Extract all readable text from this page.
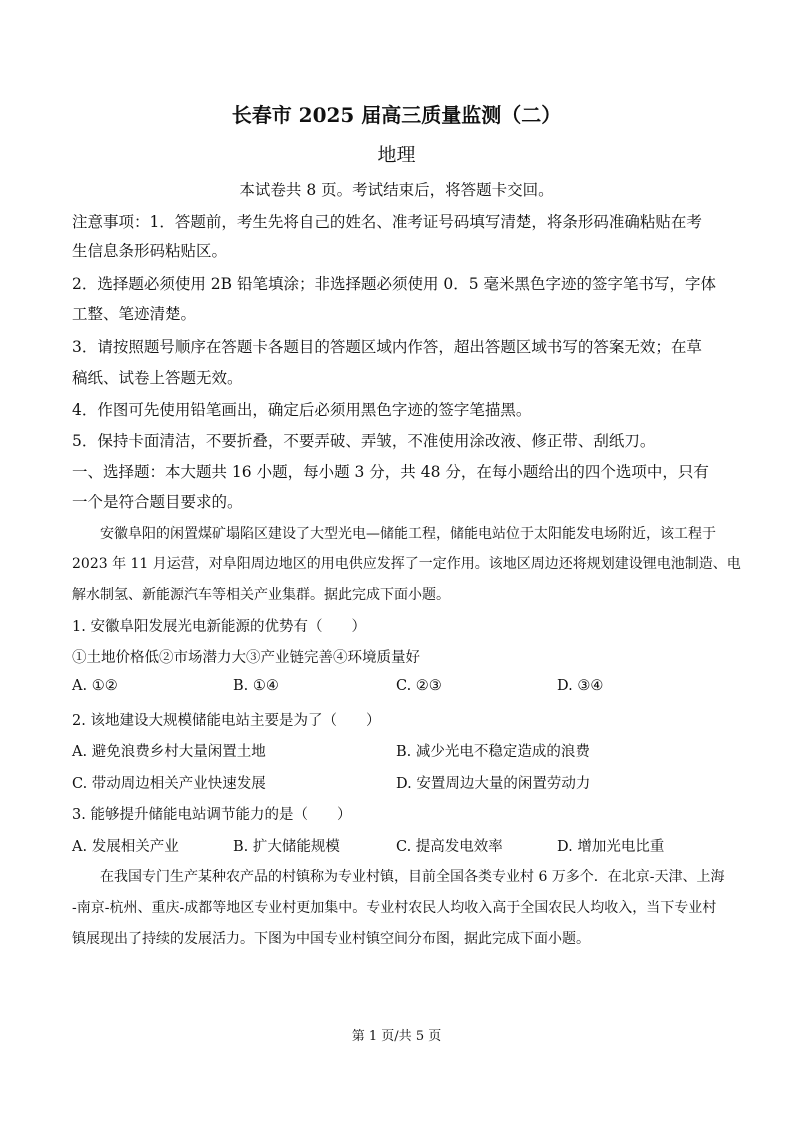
长春市 2025 届高三质量监测（二）
地理
本试卷共 8 页。考试结束后，将答题卡交回。
注意事项：1．答题前，考生先将自己的姓名、准考证号码填写清楚，将条形码准确粘贴在考
生信息条形码粘贴区。
2．选择题必须使用 2B 铅笔填涂；非选择题必须使用 0．5 毫米黑色字迹的签字笔书写，字体
工整、笔迹清楚。
3．请按照题号顺序在答题卡各题目的答题区域内作答，超出答题区域书写的答案无效；在草
稿纸、试卷上答题无效。
4．作图可先使用铅笔画出，确定后必须用黑色字迹的签字笔描黑。
5．保持卡面清洁，不要折叠，不要弄破、弄皱，不准使用涂改液、修正带、刮纸刀。
一、选择题：本大题共 16 小题，每小题 3 分，共 48 分，在每小题给出的四个选项中，只有
一个是符合题目要求的。
安徽阜阳的闲置煤矿塌陷区建设了大型光电—储能工程，储能电站位于太阳能发电场附近，该工程于
2023 年 11 月运营，对阜阳周边地区的用电供应发挥了一定作用。该地区周边还将规划建设锂电池制造、电
解水制氢、新能源汽车等相关产业集群。据此完成下面小题。
1. 安徽阜阳发展光电新能源的优势有（　　）
①土地价格低②市场潜力大③产业链完善④环境质量好
A. ①②	B. ①④	C. ②③	D. ③④
2. 该地建设大规模储能电站主要是为了（　　）
A. 避免浪费乡村大量闲置土地	B. 减少光电不稳定造成的浪费
C. 带动周边相关产业快速发展	D. 安置周边大量的闲置劳动力
3. 能够提升储能电站调节能力的是（　　）
A. 发展相关产业	B. 扩大储能规模	C. 提高发电效率	D. 增加光电比重
在我国专门生产某种农产品的村镇称为专业村镇，目前全国各类专业村 6 万多个．在北京-天津、上海
-南京-杭州、重庆-成都等地区专业村更加集中。专业村农民人均收入高于全国农民人均收入，当下专业村
镇展现出了持续的发展活力。下图为中国专业村镇空间分布图，据此完成下面小题。
第 1 页/共 5 页
